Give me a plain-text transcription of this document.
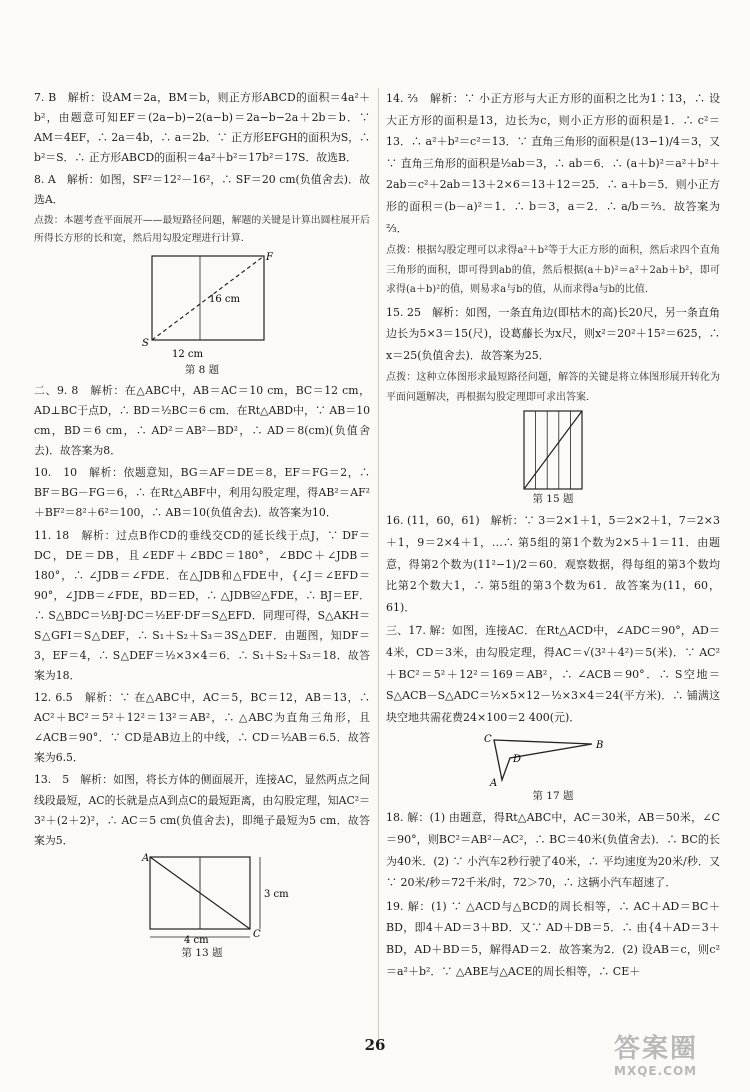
7. B　解析：设AM＝2a，BM＝b，则正方形ABCD的面积＝4a²＋b²，由题意可知EF＝(2a−b)−2(a−b)＝2a−b−2a＋2b＝b．∵ AM＝4EF，∴ 2a＝4b，∴ a＝2b．∵ 正方形EFGH的面积为S，∴ b²＝S．∴ 正方形ABCD的面积＝4a²＋b²＝17b²＝17S．故选B．

8. A　解析：如图，SF²＝12²－16²，∴ SF＝20 cm(负值舍去)．故选A．

点拨：本题考查平面展开——最短路径问题，解题的关键是计算出圆柱展开后所得长方形的长和宽，然后用勾股定理进行计算．

16 cm
F
S
12 cm
第 8 题

二、9. 8　解析：在△ABC中，AB＝AC＝10 cm，BC＝12 cm，AD⊥BC于点D，∴ BD＝½BC＝6 cm．在Rt△ABD中，∵ AB＝10 cm，BD＝6 cm，∴ AD²＝AB²－BD²，∴ AD＝8(cm)(负值舍去)．故答案为8．

10.　10　解析：依题意知，BG＝AF＝DE＝8，EF＝FG＝2，∴ BF＝BG－FG＝6，∴ 在Rt△ABF中，利用勾股定理，得AB²＝AF²＋BF²＝8²＋6²＝100，∴ AB＝10(负值舍去)．故答案为10．

11. 18　解析：过点B作CD的垂线交CD的延长线于点J，∵ DF＝DC，DE＝DB，且∠EDF＋∠BDC＝180°，∠BDC＋∠JDB＝180°，∴ ∠JDB＝∠FDE．在△JDB和△FDE中，{∠J＝∠EFD＝90°，∠JDB＝∠FDE，BD＝ED，∴ △JDB≌△FDE，∴ BJ＝EF．∴ S△BDC＝½BJ·DC＝½EF·DF＝S△EFD．同理可得，S△AKH＝S△GFI＝S△DEF，∴ S₁＋S₂＋S₃＝3S△DEF．由题图，知DF＝3，EF＝4，∴ S△DEF＝½×3×4＝6．∴ S₁＋S₂＋S₃＝18．故答案为18．

12. 6.5　解析：∵ 在△ABC中，AC＝5，BC＝12，AB＝13，∴ AC²＋BC²＝5²＋12²＝13²＝AB²，∴ △ABC为直角三角形，且∠ACB＝90°．∵ CD是AB边上的中线，∴ CD＝½AB＝6.5．故答案为6.5．

13.　5　解析：如图，将长方体的侧面展开，连接AC，显然两点之间线段最短，AC的长就是点A到点C的最短距离，由勾股定理，知AC²＝3²＋(2＋2)²，∴ AC＝5 cm(负值舍去)，即绳子最短为5 cm．故答案为5．

A
C
3 cm
4 cm
第 13 题

14. ⅔　解析：∵ 小正方形与大正方形的面积之比为1∶13，∴ 设大正方形的面积是13，边长为c，则小正方形的面积是1．∴ c²＝13．∴ a²＋b²＝c²＝13．∵ 直角三角形的面积是(13−1)/4＝3，又∵ 直角三角形的面积是½ab＝3，∴ ab＝6．∴ (a＋b)²＝a²＋b²＋2ab＝c²＋2ab＝13＋2×6＝13＋12＝25．∴ a＋b＝5．则小正方形的面积＝(b－a)²＝1．∴ b＝3，a＝2．∴ a/b＝⅔．故答案为⅔．

点拨：根据勾股定理可以求得a²＋b²等于大正方形的面积，然后求四个直角三角形的面积，即可得到ab的值，然后根据(a＋b)²＝a²＋2ab＋b²，即可求得(a＋b)²的值，则易求a与b的值，从而求得a与b的比值．

15. 25　解析：如图，一条直角边(即枯木的高)长20尺，另一条直角边长为5×3＝15(尺)，设葛藤长为x尺，则x²＝20²＋15²＝625，∴ x＝25(负值舍去)．故答案为25．

点拨：这种立体图形求最短路径问题，解答的关键是将立体图形展开转化为平面问题解决，再根据勾股定理即可求出答案．

第 15 题

16. (11，60，61)　解析：∵ 3＝2×1＋1，5＝2×2＋1，7＝2×3＋1，9＝2×4＋1，…∴ 第5组的第1个数为2×5＋1＝11．由题意，得第2个数为(11²−1)/2＝60．观察数据，得每组的第3个数均比第2个数大1，∴ 第5组的第3个数为61．故答案为(11，60，61)．

三、17. 解：如图，连接AC．在Rt△ACD中，∠ADC＝90°，AD＝4米，CD＝3米，由勾股定理，得AC＝√(3²＋4²)＝5(米)．∵ AC²＋BC²＝5²＋12²＝169＝AB²，∴ ∠ACB＝90°．∴ S空地＝S△ACB－S△ADC＝½×5×12－½×3×4＝24(平方米)．∴ 铺满这块空地共需花费24×100＝2 400(元)．

C
B
D
A
第 17 题

18. 解：(1) 由题意，得Rt△ABC中，AC＝30米，AB＝50米，∠C＝90°，则BC²＝AB²－AC²，∴ BC＝40米(负值舍去)．∴ BC的长为40米．(2) ∵ 小汽车2秒行驶了40米，∴ 平均速度为20米/秒．又∵ 20米/秒＝72千米/时，72＞70，∴ 这辆小汽车超速了．

19. 解：(1) ∵ △ACD与△BCD的周长相等，∴ AC＋AD＝BC＋BD，即4＋AD＝3＋BD．又∵ AD＋DB＝5．∴ 由{4＋AD＝3＋BD，AD＋BD＝5，解得AD＝2．故答案为2．(2) 设AB＝c，则c²＝a²＋b²．∵ △ABE与△ACE的周长相等，∴ CE＋

26	答案圈
MXQE.COM
